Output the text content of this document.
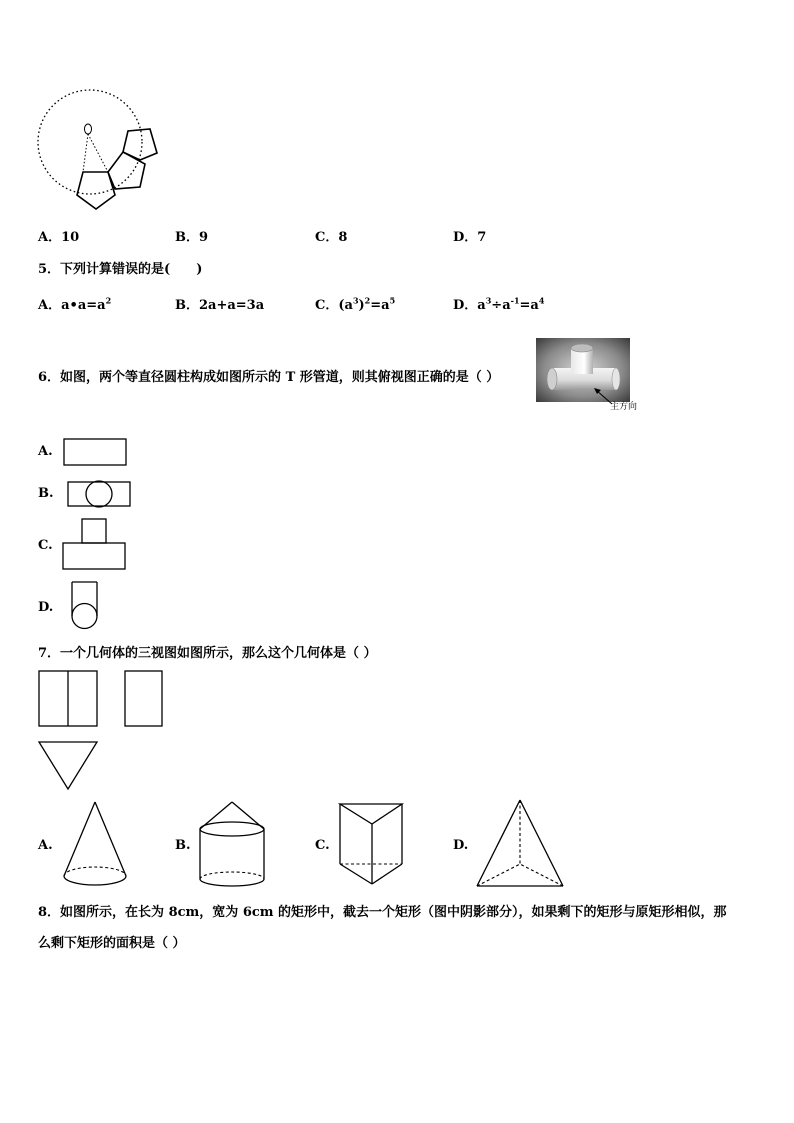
A．10	B．9	C．8	D．7
5．下列计算错误的是(　　)
A．$a•a=a^2$	B．2a+a=3a	C．$(a^3)^2=a^5$	D．$a^3\div a^{-1}=a^4$
6．如图，两个等直径圆柱构成如图所示的 T 形管道，则其俯视图正确的是（ ）
主方向
A.
B.
C.
D.
7．一个几何体的三视图如图所示，那么这个几何体是（ ）
A.	B.	C.	D.
8．如图所示，在长为 8cm，宽为 6cm 的矩形中，截去一个矩形（图中阴影部分），如果剩下的矩形与原矩形相似，那
么剩下矩形的面积是（ ）
